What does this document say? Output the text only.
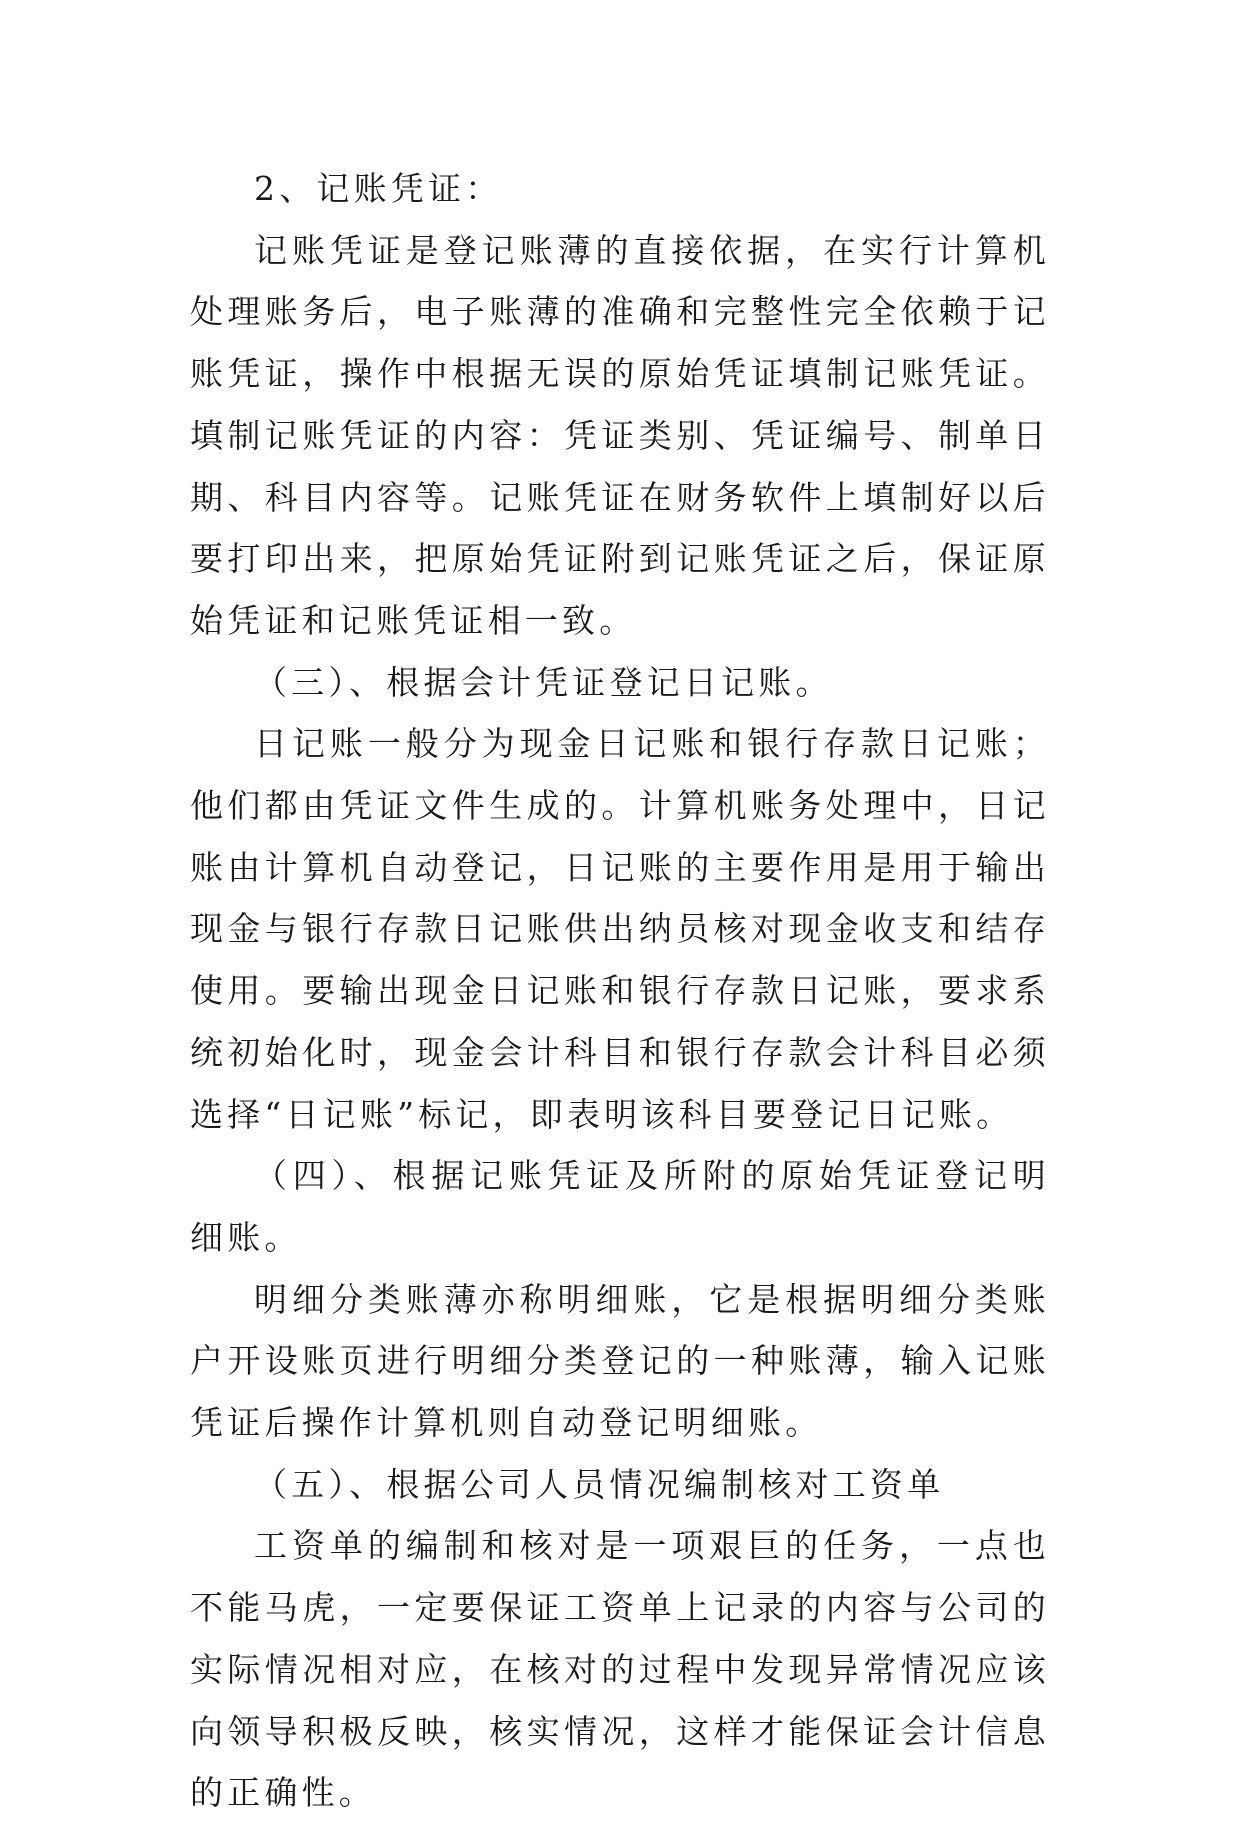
2、记账凭证：

记账凭证是登记账薄的直接依据，在实行计算机处理账务后，电子账薄的准确和完整性完全依赖于记账凭证，操作中根据无误的原始凭证填制记账凭证。填制记账凭证的内容：凭证类别、凭证编号、制单日期、科目内容等。记账凭证在财务软件上填制好以后要打印出来，把原始凭证附到记账凭证之后，保证原始凭证和记账凭证相一致。

（三）、根据会计凭证登记日记账。

日记账一般分为现金日记账和银行存款日记账；他们都由凭证文件生成的。计算机账务处理中，日记账由计算机自动登记，日记账的主要作用是用于输出现金与银行存款日记账供出纳员核对现金收支和结存使用。要输出现金日记账和银行存款日记账，要求系统初始化时，现金会计科目和银行存款会计科目必须选择“日记账”标记，即表明该科目要登记日记账。

（四）、根据记账凭证及所附的原始凭证登记明细账。

明细分类账薄亦称明细账，它是根据明细分类账户开设账页进行明细分类登记的一种账薄，输入记账凭证后操作计算机则自动登记明细账。

（五）、根据公司人员情况编制核对工资单

工资单的编制和核对是一项艰巨的任务，一点也不能马虎，一定要保证工资单上记录的内容与公司的实际情况相对应，在核对的过程中发现异常情况应该向领导积极反映，核实情况，这样才能保证会计信息的正确性。
